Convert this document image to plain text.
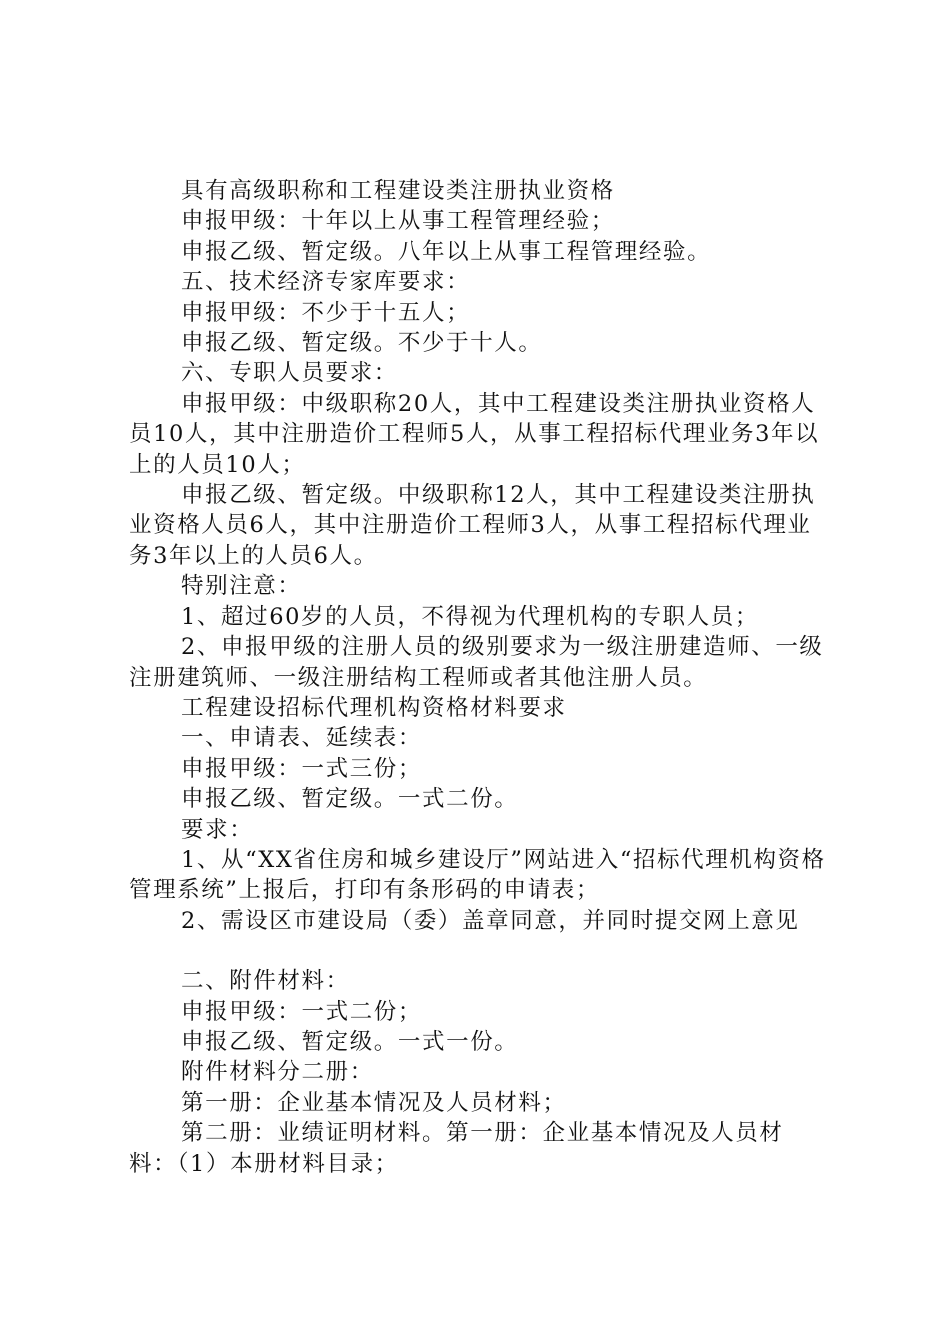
具有高级职称和工程建设类注册执业资格

申报甲级：十年以上从事工程管理经验；

申报乙级、暂定级。八年以上从事工程管理经验。

五、技术经济专家库要求：

申报甲级：不少于十五人；

申报乙级、暂定级。不少于十人。

六、专职人员要求：

申报甲级：中级职称20人，其中工程建设类注册执业资格人员10人，其中注册造价工程师5人，从事工程招标代理业务3年以上的人员10人；

申报乙级、暂定级。中级职称12人，其中工程建设类注册执业资格人员6人，其中注册造价工程师3人，从事工程招标代理业务3年以上的人员6人。

特别注意：

1、超过60岁的人员，不得视为代理机构的专职人员；

2、申报甲级的注册人员的级别要求为一级注册建造师、一级注册建筑师、一级注册结构工程师或者其他注册人员。

工程建设招标代理机构资格材料要求

一、申请表、延续表：

申报甲级：一式三份；

申报乙级、暂定级。一式二份。

要求：

1、从“XX省住房和城乡建设厅”网站进入“招标代理机构资格管理系统”上报后，打印有条形码的申请表；

2、需设区市建设局（委）盖章同意，并同时提交网上意见

二、附件材料：

申报甲级：一式二份；

申报乙级、暂定级。一式一份。

附件材料分二册：

第一册：企业基本情况及人员材料；

第二册：业绩证明材料。第一册：企业基本情况及人员材料：（1）本册材料目录；
